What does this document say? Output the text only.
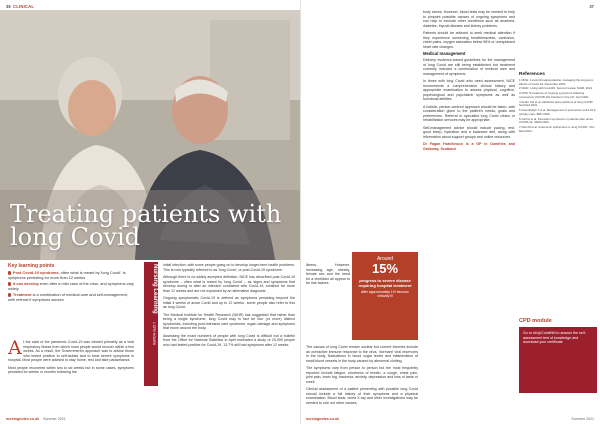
36 CLINICAL
Treating patients with long Covid
Key learning points
Post Covid-19 syndrome, often what is meant by 'long Covid', is symptoms persisting for more than 12 weeks
It can develop even after a mild case of the virus, and symptoms vary widely
Treatment is a combination of medical care and self-management, with referral if symptoms worsen

At the start of the pandemic Covid-19 was viewed primarily as a viral respiratory illness from which most people would recover within a few weeks. As a result, the Government's approach was to advise those who tested positive to self-isolate and to treat severe symptoms in hospital. Most people were advised to stay home, rest and take paracetamol.

Most people recovered within two to six weeks but in some cases, symptoms persisted for weeks or months following the

Nursing Learning
1 CPD HOURS

initial infection, with some people going on to develop longer-term health problems. This is now typically referred to as 'long Covid', or post-Covid-19 syndrome.

Although there is no widely accepted definition, NICE has described post-Covid-19 syndrome – often what is meant by 'long Covid' – as 'signs and symptoms that develop during or after an infection consistent with Covid-19, continue for more than 12 weeks and are not explained by an alternative diagnosis'.

Ongoing symptomatic Covid-19 is defined as symptoms persisting beyond the initial 4 weeks of acute Covid and up to 12 weeks', some people also refer to this as long Covid.

The Medical Institute for Health Research (NIHR) has suggested that rather than being a single syndrome, long Covid may in fact be four (or more) distinct syndromes, including post-intensive care syndrome, organ damage and symptoms that move around the body.

Assessing the exact numbers of people with long Covid is difficult but a bulletin from the Office for National Statistics in April estimated a study of 20,000 people who had tested positive for Covid-19, 13.7% still had symptoms after 12 weeks.

nursingnotes.co.uk Summer 2021
37

illness. However, increasing age, obesity, female sex and the need for a ventilator all appear to be risk factors.

Around
15%
progress to severe disease requiring hospital treatment
after approximately 1% become critically ill

The causes of long Covid remain unclear but current theories include an overactive immune response to the virus, 'dormant' viral reservoirs in the body, fluctuations in blood sugar levels and inflammation of small blood vessels in the body caused by abnormal clotting.

The symptoms vary from person to person but the most frequently reported include fatigue, shortness of breath, a cough, chest pain, joint pain, brain fog, insomnia, anxiety, depression and loss of taste or smell.

Clinical assessment of a patient presenting with possible long Covid should include a full history of their symptoms and a physical examination. Blood tests, chest X-ray and other investigations may be needed to rule out other causes.

body stores. However, blood tests may be needed to help to pinpoint possible causes of ongoing symptoms and can help to exclude other conditions such as anaemia, diabetes, thyroid disease and kidney problems.

Patients should be advised to seek medical attention if they experience worsening breathlessness, confusion, chest pains, oxygen saturation below 96% or unexplained heart rate changes.

Medical management

Delivery evidence-based guidelines for the management of long Covid are still being established but treatment currently includes a combination of medical care and management of symptoms.

In those with long Covid who need assessment, NICE recommends a comprehensive clinical history and appropriate examination to assess physical, cognitive, psychological and psychiatric symptoms as well as functional abilities.

A holistic, person-centred approach should be taken, with consideration given to the patient's needs, goals and preferences. Referral to specialist long Covid clinics or rehabilitation services may be appropriate.

Self-management advice should include pacing, rest, good sleep, hydration and a balanced diet, along with information about support groups and online resources.

Dr Fagan Hutchinson is a GP in Dumfries and Galloway, Scotland

References
1 NICE. Covid-19 rapid guideline: managing the long-term effects of Covid-19. December 2020.
2 NIHR. Living with Covid19. Second review. NIHR, 2021.
3 ONS. Prevalence of ongoing symptoms following coronavirus (COVID-19) infection in the UK. April 2021.
4 Sudre CH et al. Attributes and predictors of long COVID. Nat Med 2021.
5 Greenhalgh T et al. Management of post-acute covid-19 in primary care. BMJ 2020.
6 Carfi A et al. Persistent symptoms in patients after acute COVID-19. JAMA 2020.
7 Dani M et al. Autonomic dysfunction in 'long COVID'. Clin Med 2021.
CPD module
Go to bit.ly/CovidNN to answer the self-assessment test of knowledge and download your certificate
nursingnotes.co.uk	Summer 2021
